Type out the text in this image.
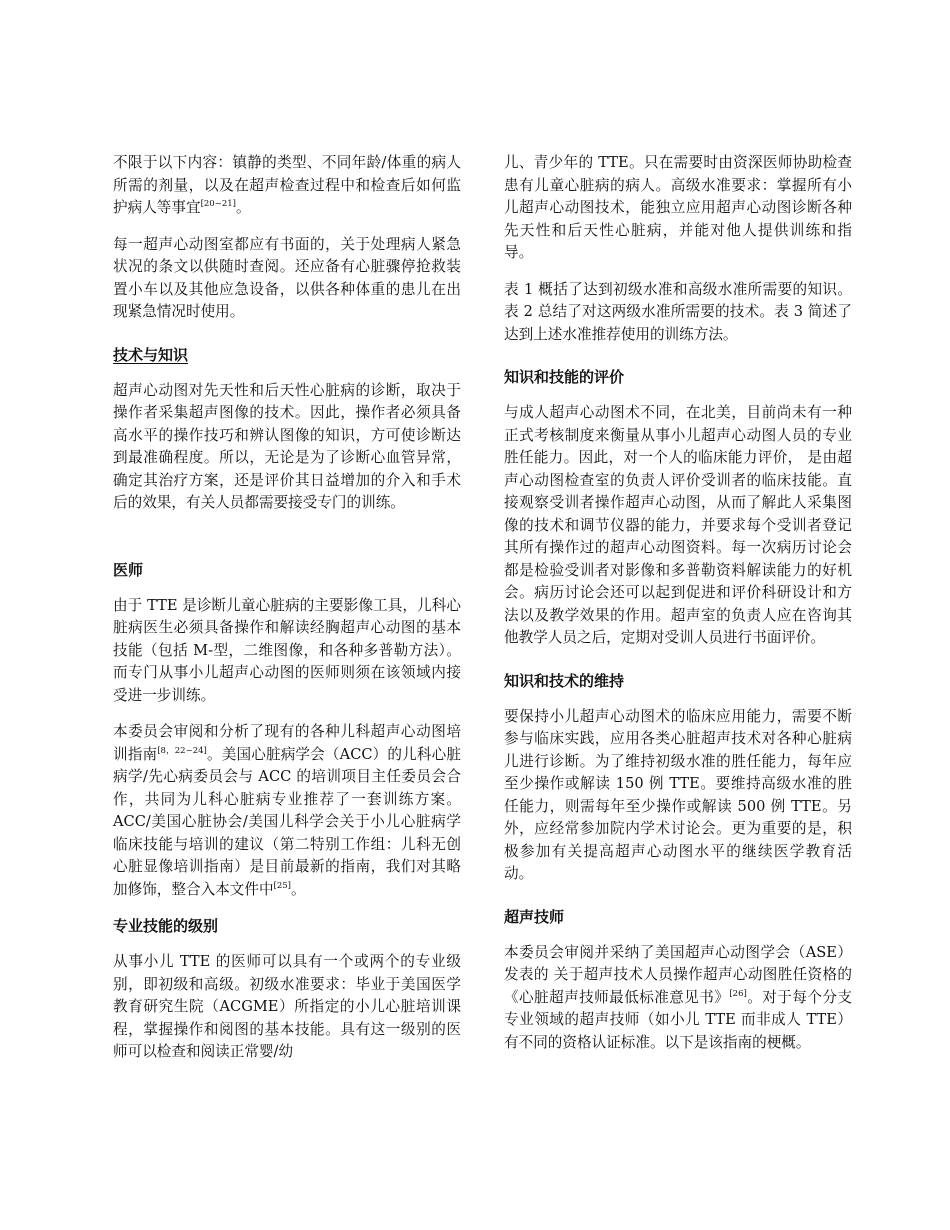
不限于以下内容：镇静的类型、不同年龄/体重的病人所需的剂量，以及在超声检查过程中和检查后如何监护病人等事宜[20~21]。

每一超声心动图室都应有书面的，关于处理病人紧急状况的条文以供随时查阅。还应备有心脏骤停抢救装置小车以及其他应急设备，以供各种体重的患儿在出现紧急情况时使用。

技术与知识

超声心动图对先天性和后天性心脏病的诊断，取决于操作者采集超声图像的技术。因此，操作者必须具备高水平的操作技巧和辨认图像的知识，方可使诊断达到最准确程度。所以，无论是为了诊断心血管异常，确定其治疗方案，还是评价其日益增加的介入和手术后的效果，有关人员都需要接受专门的训练。

医师

由于 TTE 是诊断儿童心脏病的主要影像工具，儿科心脏病医生必须具备操作和解读经胸超声心动图的基本技能（包括 M-型，二维图像，和各种多普勒方法）。而专门从事小儿超声心动图的医师则须在该领域内接受进一步训练。

本委员会审阅和分析了现有的各种儿科超声心动图培训指南[8，22~24]。美国心脏病学会（ACC）的儿科心脏病学/先心病委员会与 ACC 的培训项目主任委员会合作，共同为儿科心脏病专业推荐了一套训练方案。ACC/美国心脏协会/美国儿科学会关于小儿心脏病学临床技能与培训的建议（第二特别工作组：儿科无创心脏显像培训指南）是目前最新的指南，我们对其略加修饰，整合入本文件中[25]。

专业技能的级别

从事小儿 TTE 的医师可以具有一个或两个的专业级别，即初级和高级。初级水准要求：毕业于美国医学教育研究生院（ACGME）所指定的小儿心脏培训课程，掌握操作和阅图的基本技能。具有这一级别的医师可以检查和阅读正常婴/幼

儿、青少年的 TTE。只在需要时由资深医师协助检查患有儿童心脏病的病人。高级水准要求：掌握所有小儿超声心动图技术，能独立应用超声心动图诊断各种先天性和后天性心脏病，并能对他人提供训练和指导。

表 1 概括了达到初级水准和高级水准所需要的知识。表 2 总结了对这两级水准所需要的技术。表 3 简述了达到上述水准推荐使用的训练方法。

知识和技能的评价

与成人超声心动图术不同，在北美，目前尚未有一种正式考核制度来衡量从事小儿超声心动图人员的专业胜任能力。因此，对一个人的临床能力评价， 是由超声心动图检查室的负责人评价受训者的临床技能。直接观察受训者操作超声心动图，从而了解此人采集图像的技术和调节仪器的能力，并要求每个受训者登记其所有操作过的超声心动图资料。每一次病历讨论会都是检验受训者对影像和多普勒资料解读能力的好机会。病历讨论会还可以起到促进和评价科研设计和方法以及教学效果的作用。超声室的负责人应在咨询其他教学人员之后，定期对受训人员进行书面评价。

知识和技术的维持

要保持小儿超声心动图术的临床应用能力，需要不断参与临床实践，应用各类心脏超声技术对各种心脏病儿进行诊断。为了维持初级水准的胜任能力，每年应至少操作或解读 150 例 TTE。要维持高级水准的胜任能力，则需每年至少操作或解读 500 例 TTE。另外，应经常参加院内学术讨论会。更为重要的是，积极参加有关提高超声心动图水平的继续医学教育活动。

超声技师

本委员会审阅并采纳了美国超声心动图学会（ASE）发表的 关于超声技术人员操作超声心动图胜任资格的《心脏超声技师最低标准意见书》[26]。对于每个分支专业领域的超声技师（如小儿 TTE 而非成人 TTE）有不同的资格认证标准。以下是该指南的梗概。
